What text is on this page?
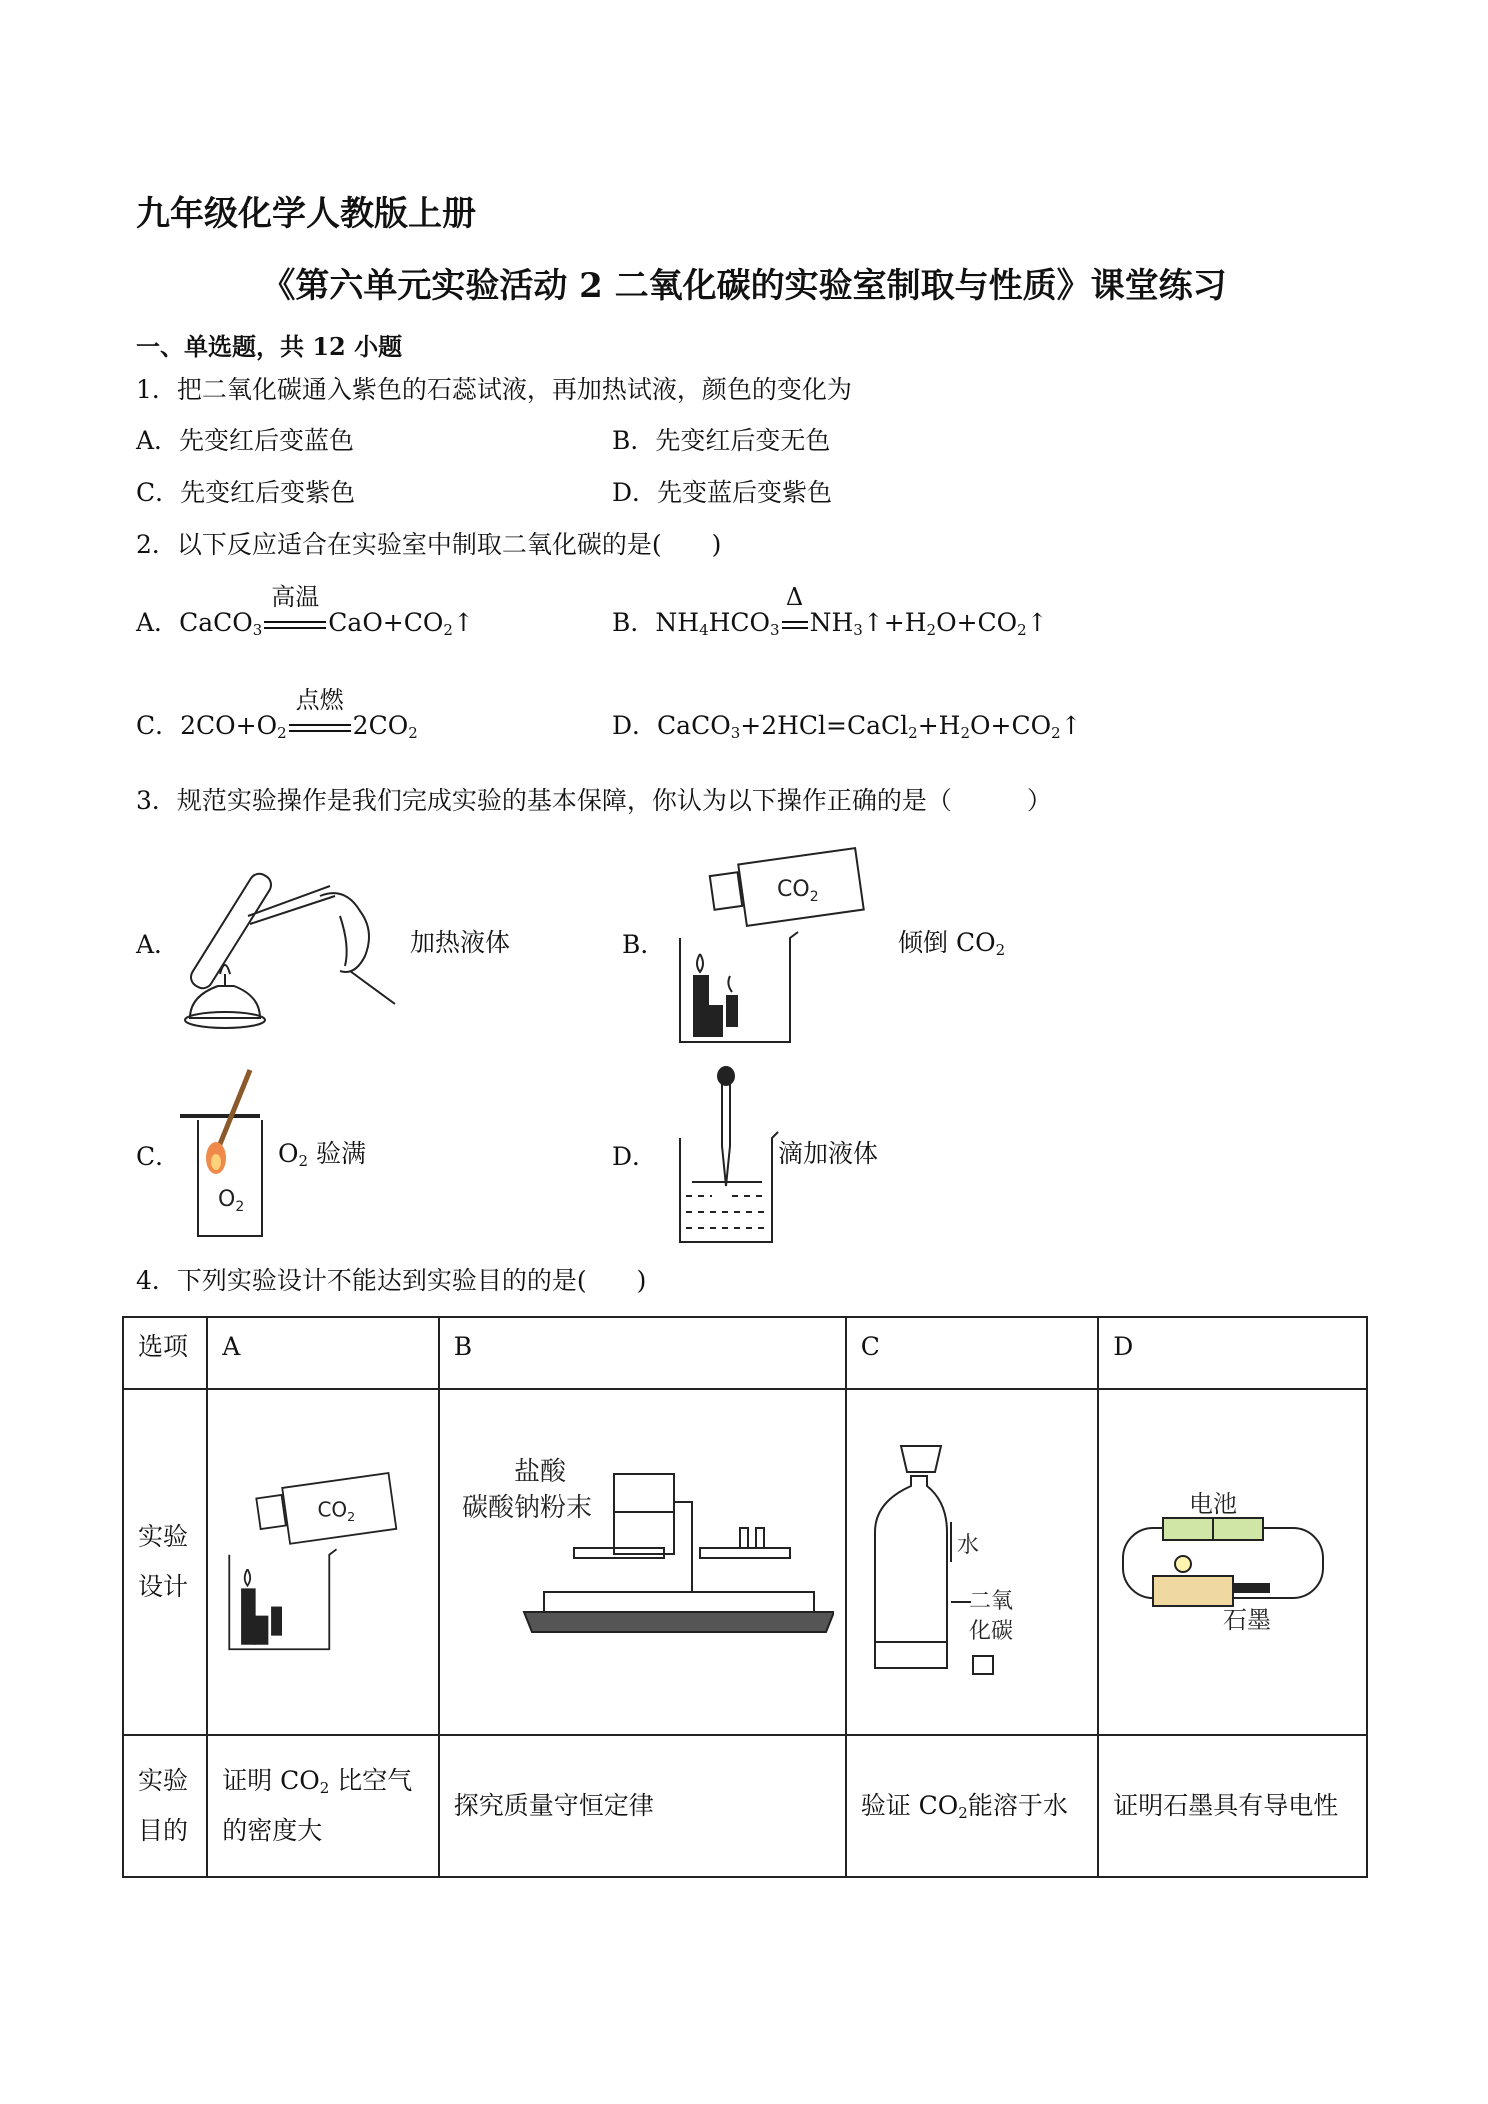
九年级化学人教版上册
《第六单元实验活动 2 二氧化碳的实验室制取与性质》课堂练习
一、单选题，共 12 小题
1．把二氧化碳通入紫色的石蕊试液，再加热试液，颜色的变化为
A．先变红后变蓝色	B．先变红后变无色
C．先变红后变紫色	D．先变蓝后变紫色
2．以下反应适合在实验室中制取二氧化碳的是(　　)
A．CaCO$_3$
高温
$CaO+CO_2↑$	B．$NH_4HCO_3$
Δ
$NH_3↑+H_2O+CO_2↑$
C．$2CO+O_2$
点燃
$2CO_2$	D．$CaCO_3+2HCl=CaCl_2+H_2O+CO_2↑$
3．规范实验操作是我们完成实验的基本保障，你认为以下操作正确的是（　　　）
A．	加热液体	B．
$CO_2$
倾倒 $CO_2$
C．
$O_2$
$O_2$ 验满	D．	滴加液体
4．下列实验设计不能达到实验目的的是(　　)
选项	A	B	C	D

实验设计	$CO_2$	盐酸
碳酸钠粉末	水
二氧
化碳	电池
石墨

实验目的	证明 $CO_2$ 比空气的密度大	探究质量守恒定律	验证 $CO_2$能溶于水	证明石墨具有导电性
